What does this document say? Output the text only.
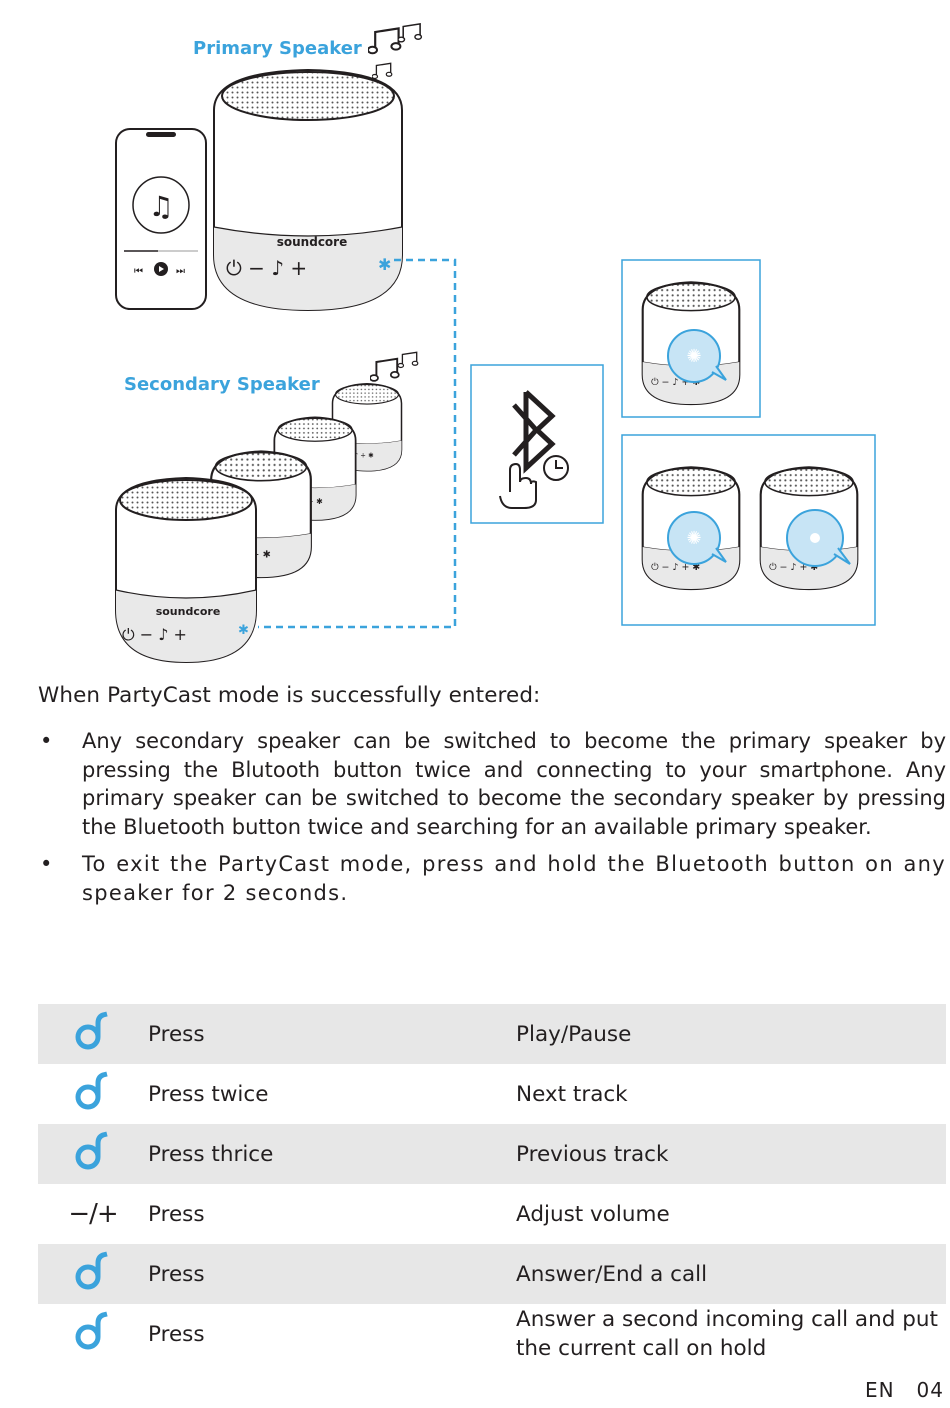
♫
⏮	⏭
soundcore
⏻ − ♪ +	✱
soundcore
⏻ − ♪ +	✱
Primary Speaker
Secondary Speaker
✺
✺
When PartyCast mode is successfully entered:
• Any secondary speaker can be switched to become the primary speaker by pressing the Blutooth button twice and connecting to your smartphone. Any primary speaker can be switched to become the secondary speaker by pressing the Bluetooth button twice and searching for an available primary speaker.
• To exit the PartyCast mode, press and hold the Bluetooth button on any speaker for 2 seconds.
	Press	Play/Pause
	Press twice	Next track
	Press thrice	Previous track
−/+	Press	Adjust volume
	Press	Answer/End a call
	Press	Answer a second incoming call and put the current call on hold
EN 04
